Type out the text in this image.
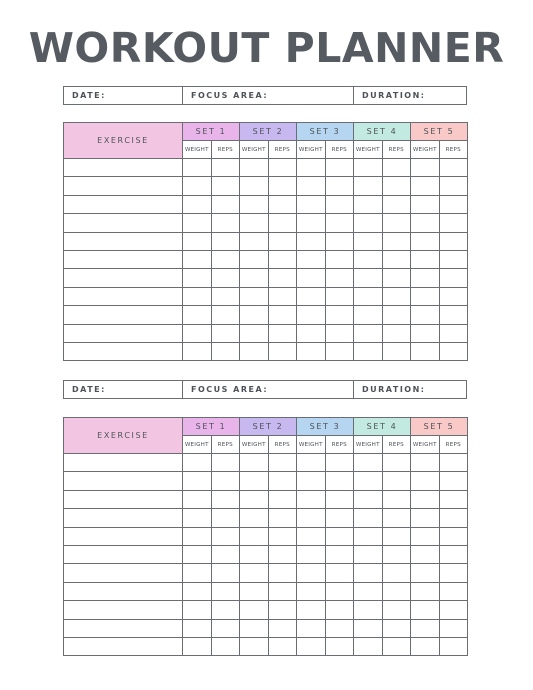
WORKOUT PLANNER
DATE:	FOCUS AREA:	DURATION:
EXERCISE	SET 1		SET 2		SET 3		SET 4		SET 5	
	WEIGHT	REPS	WEIGHT	REPS	WEIGHT	REPS	WEIGHT	REPS	WEIGHT	REPS

DATE:	FOCUS AREA:	DURATION:
EXERCISE	SET 1		SET 2		SET 3		SET 4		SET 5	
	WEIGHT	REPS	WEIGHT	REPS	WEIGHT	REPS	WEIGHT	REPS	WEIGHT	REPS
